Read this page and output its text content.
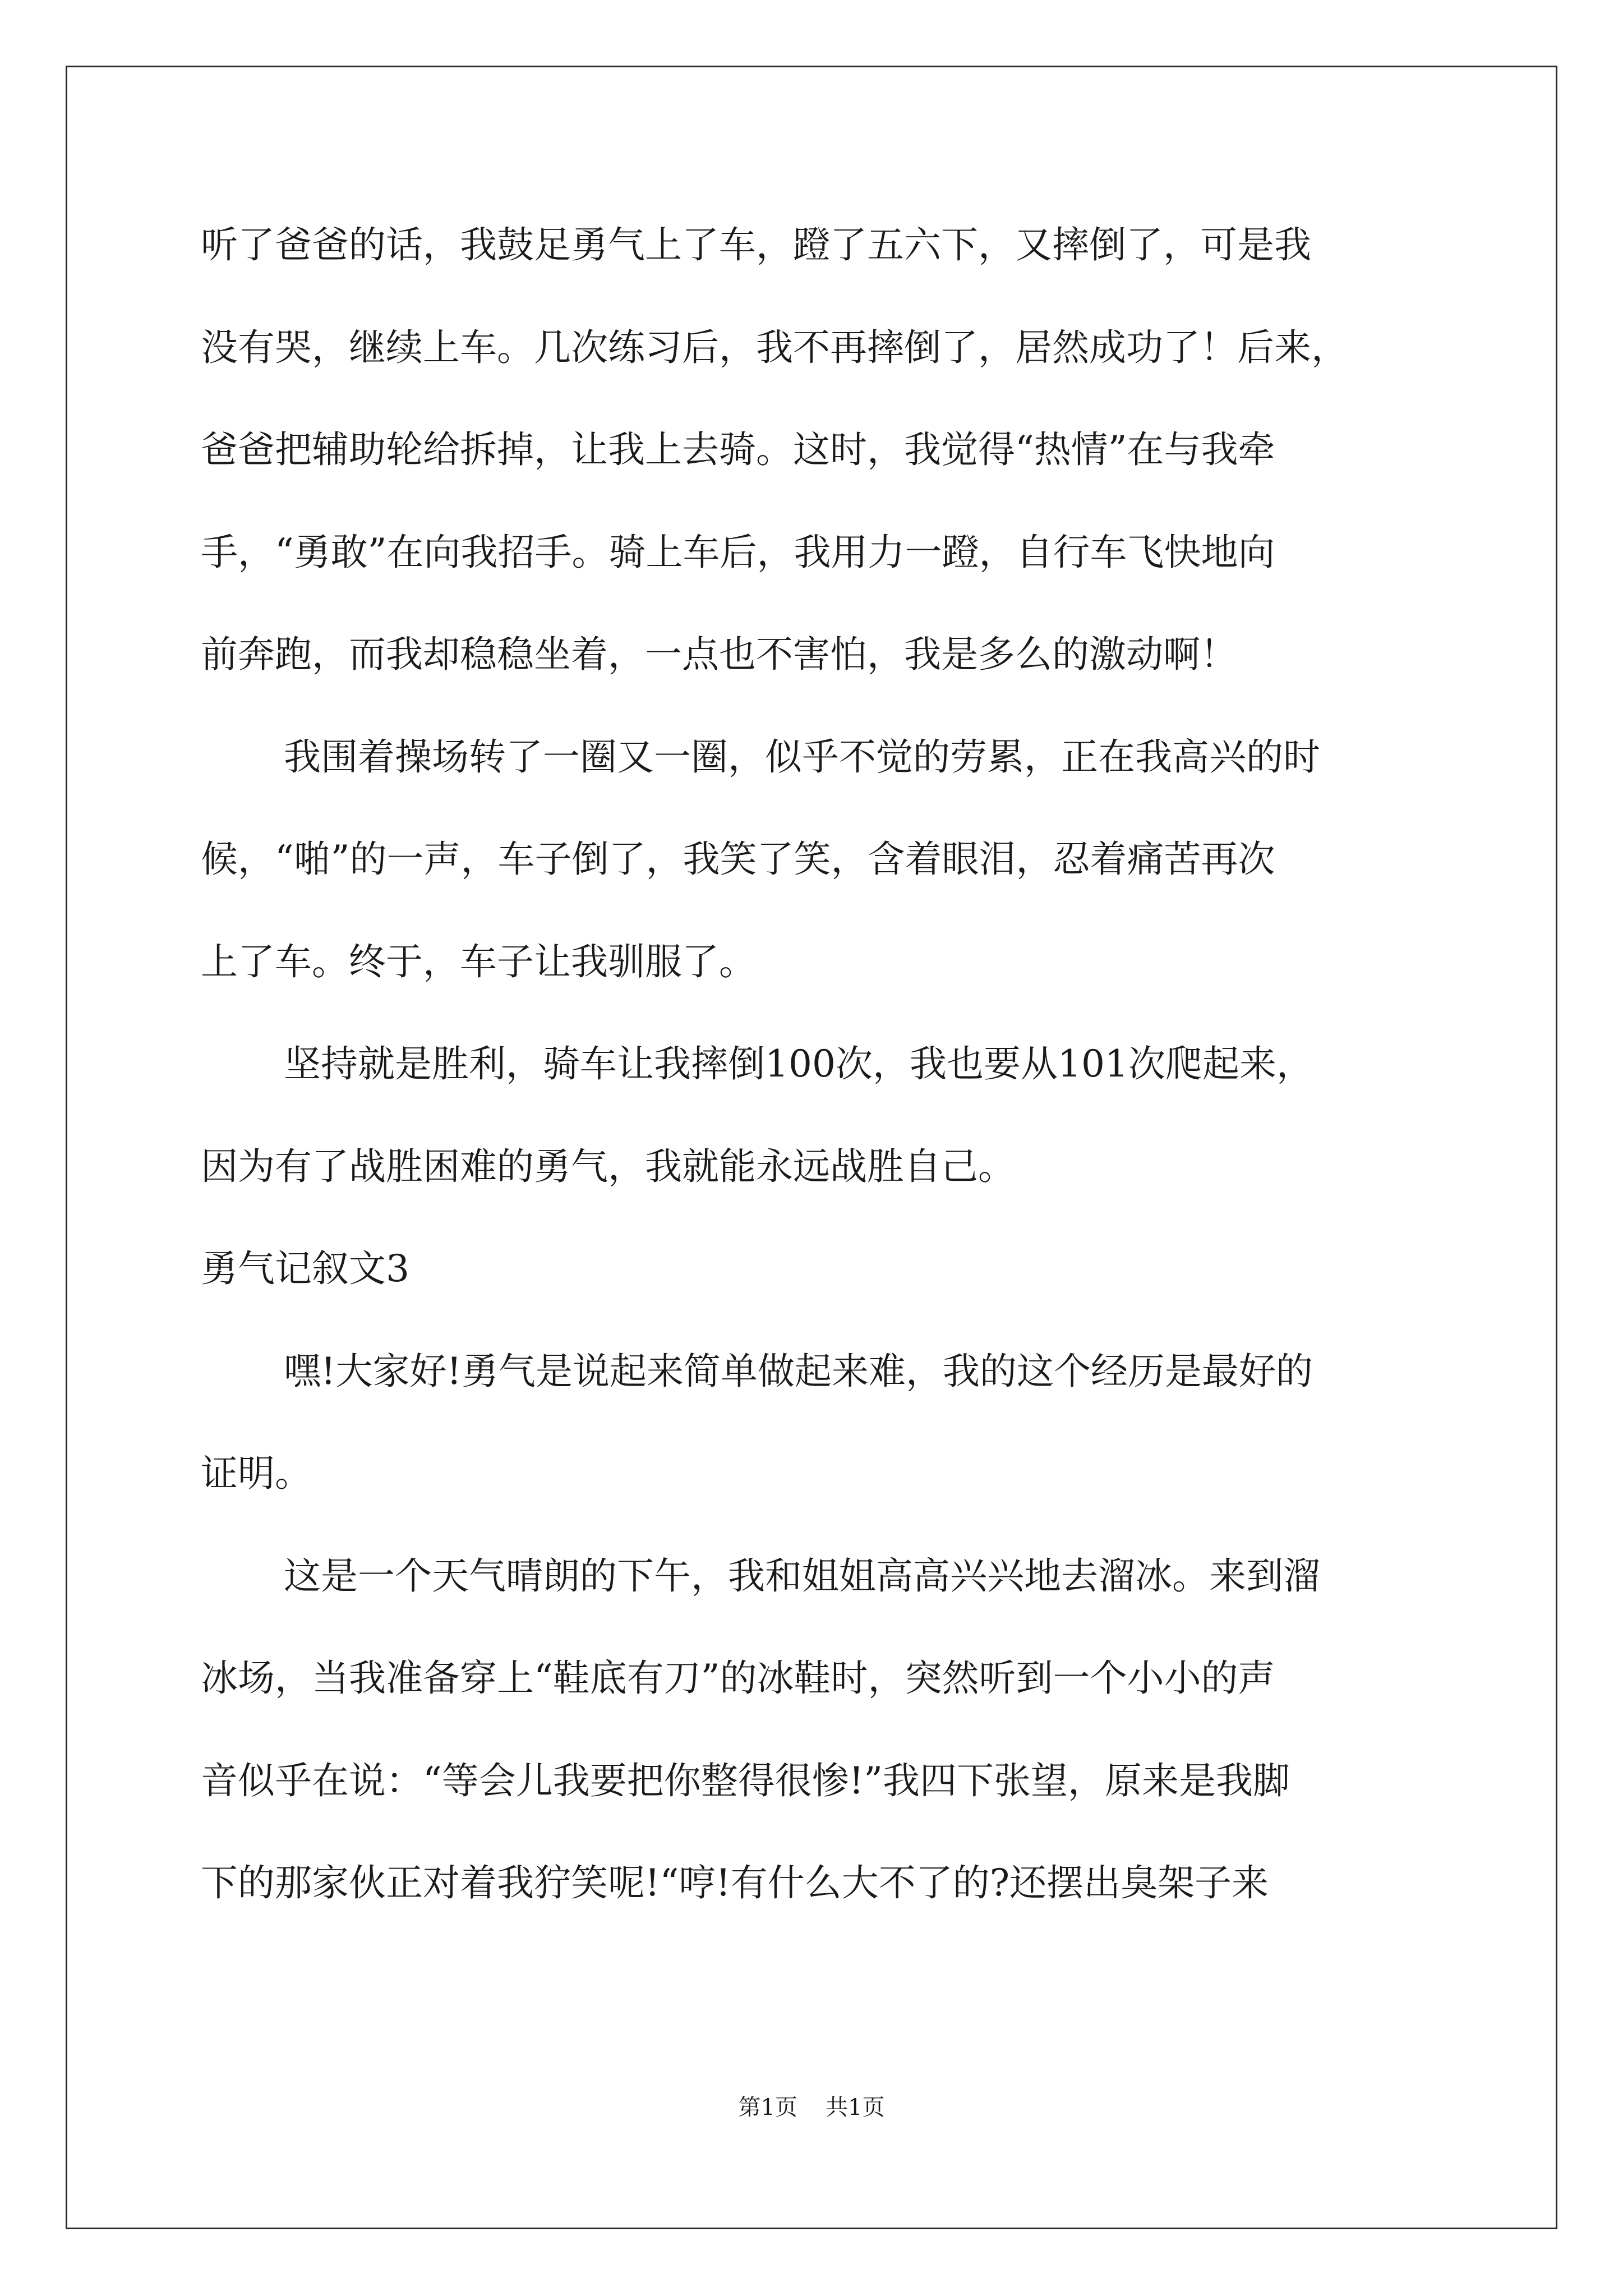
听了爸爸的话，我鼓足勇气上了车，蹬了五六下，又摔倒了，可是我
没有哭，继续上车。几次练习后，我不再摔倒了，居然成功了！后来，
爸爸把辅助轮给拆掉，让我上去骑。这时，我觉得“热情”在与我牵
手，“勇敢”在向我招手。骑上车后，我用力一蹬，自行车飞快地向
前奔跑，而我却稳稳坐着，一点也不害怕，我是多么的激动啊！
我围着操场转了一圈又一圈，似乎不觉的劳累，正在我高兴的时
候，“啪”的一声，车子倒了，我笑了笑，含着眼泪，忍着痛苦再次
上了车。终于，车子让我驯服了。
坚持就是胜利，骑车让我摔倒100次，我也要从101次爬起来，
因为有了战胜困难的勇气，我就能永远战胜自己。
勇气记叙文3
嘿!大家好!勇气是说起来简单做起来难，我的这个经历是最好的
证明。
这是一个天气晴朗的下午，我和姐姐高高兴兴地去溜冰。来到溜
冰场，当我准备穿上“鞋底有刀”的冰鞋时，突然听到一个小小的声
音似乎在说：“等会儿我要把你整得很惨!”我四下张望，原来是我脚
下的那家伙正对着我狞笑呢!“哼!有什么大不了的?还摆出臭架子来
第1页 共1页
